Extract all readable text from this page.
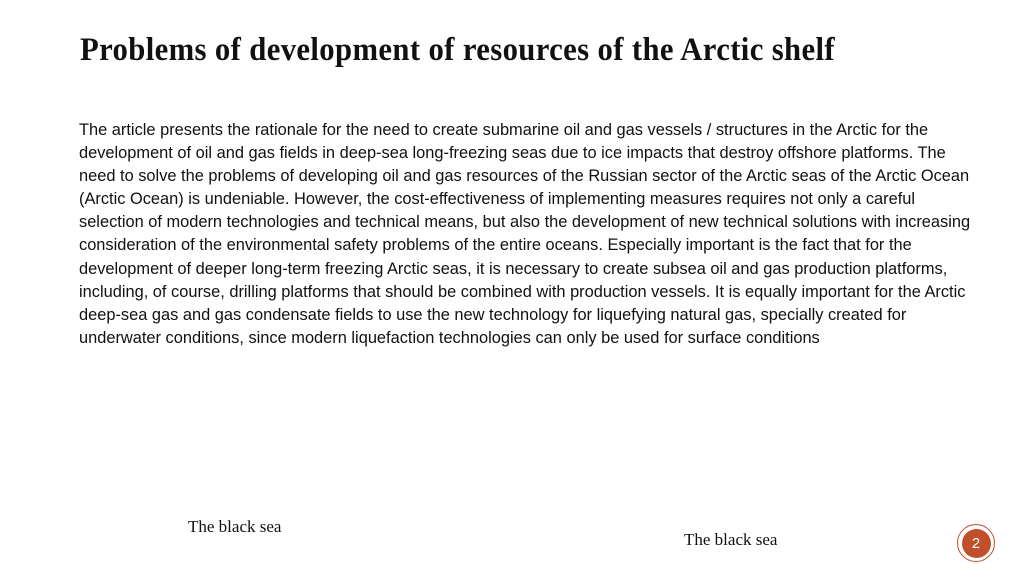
Problems of development of resources of the Arctic shelf

The article presents the rationale for the need to create submarine oil and gas vessels / structures in the Arctic for the development of oil and gas fields in deep-sea long-freezing seas due to ice impacts that destroy offshore platforms. The need to solve the problems of developing oil and gas resources of the Russian sector of the Arctic seas of the Arctic Ocean (Arctic Ocean) is undeniable. However, the cost-effectiveness of implementing measures requires not only a careful selection of modern technologies and technical means, but also the development of new technical solutions with increasing consideration of the environmental safety problems of the entire oceans. Especially important is the fact that for the development of deeper long-term freezing Arctic seas, it is necessary to create subsea oil and gas production platforms, including, of course, drilling platforms that should be combined with production vessels. It is equally important for the Arctic deep-sea gas and gas condensate fields to use the new technology for liquefying natural gas, specially created for underwater conditions, since modern liquefaction technologies can only be used for surface conditions

The black sea
The black sea	2
